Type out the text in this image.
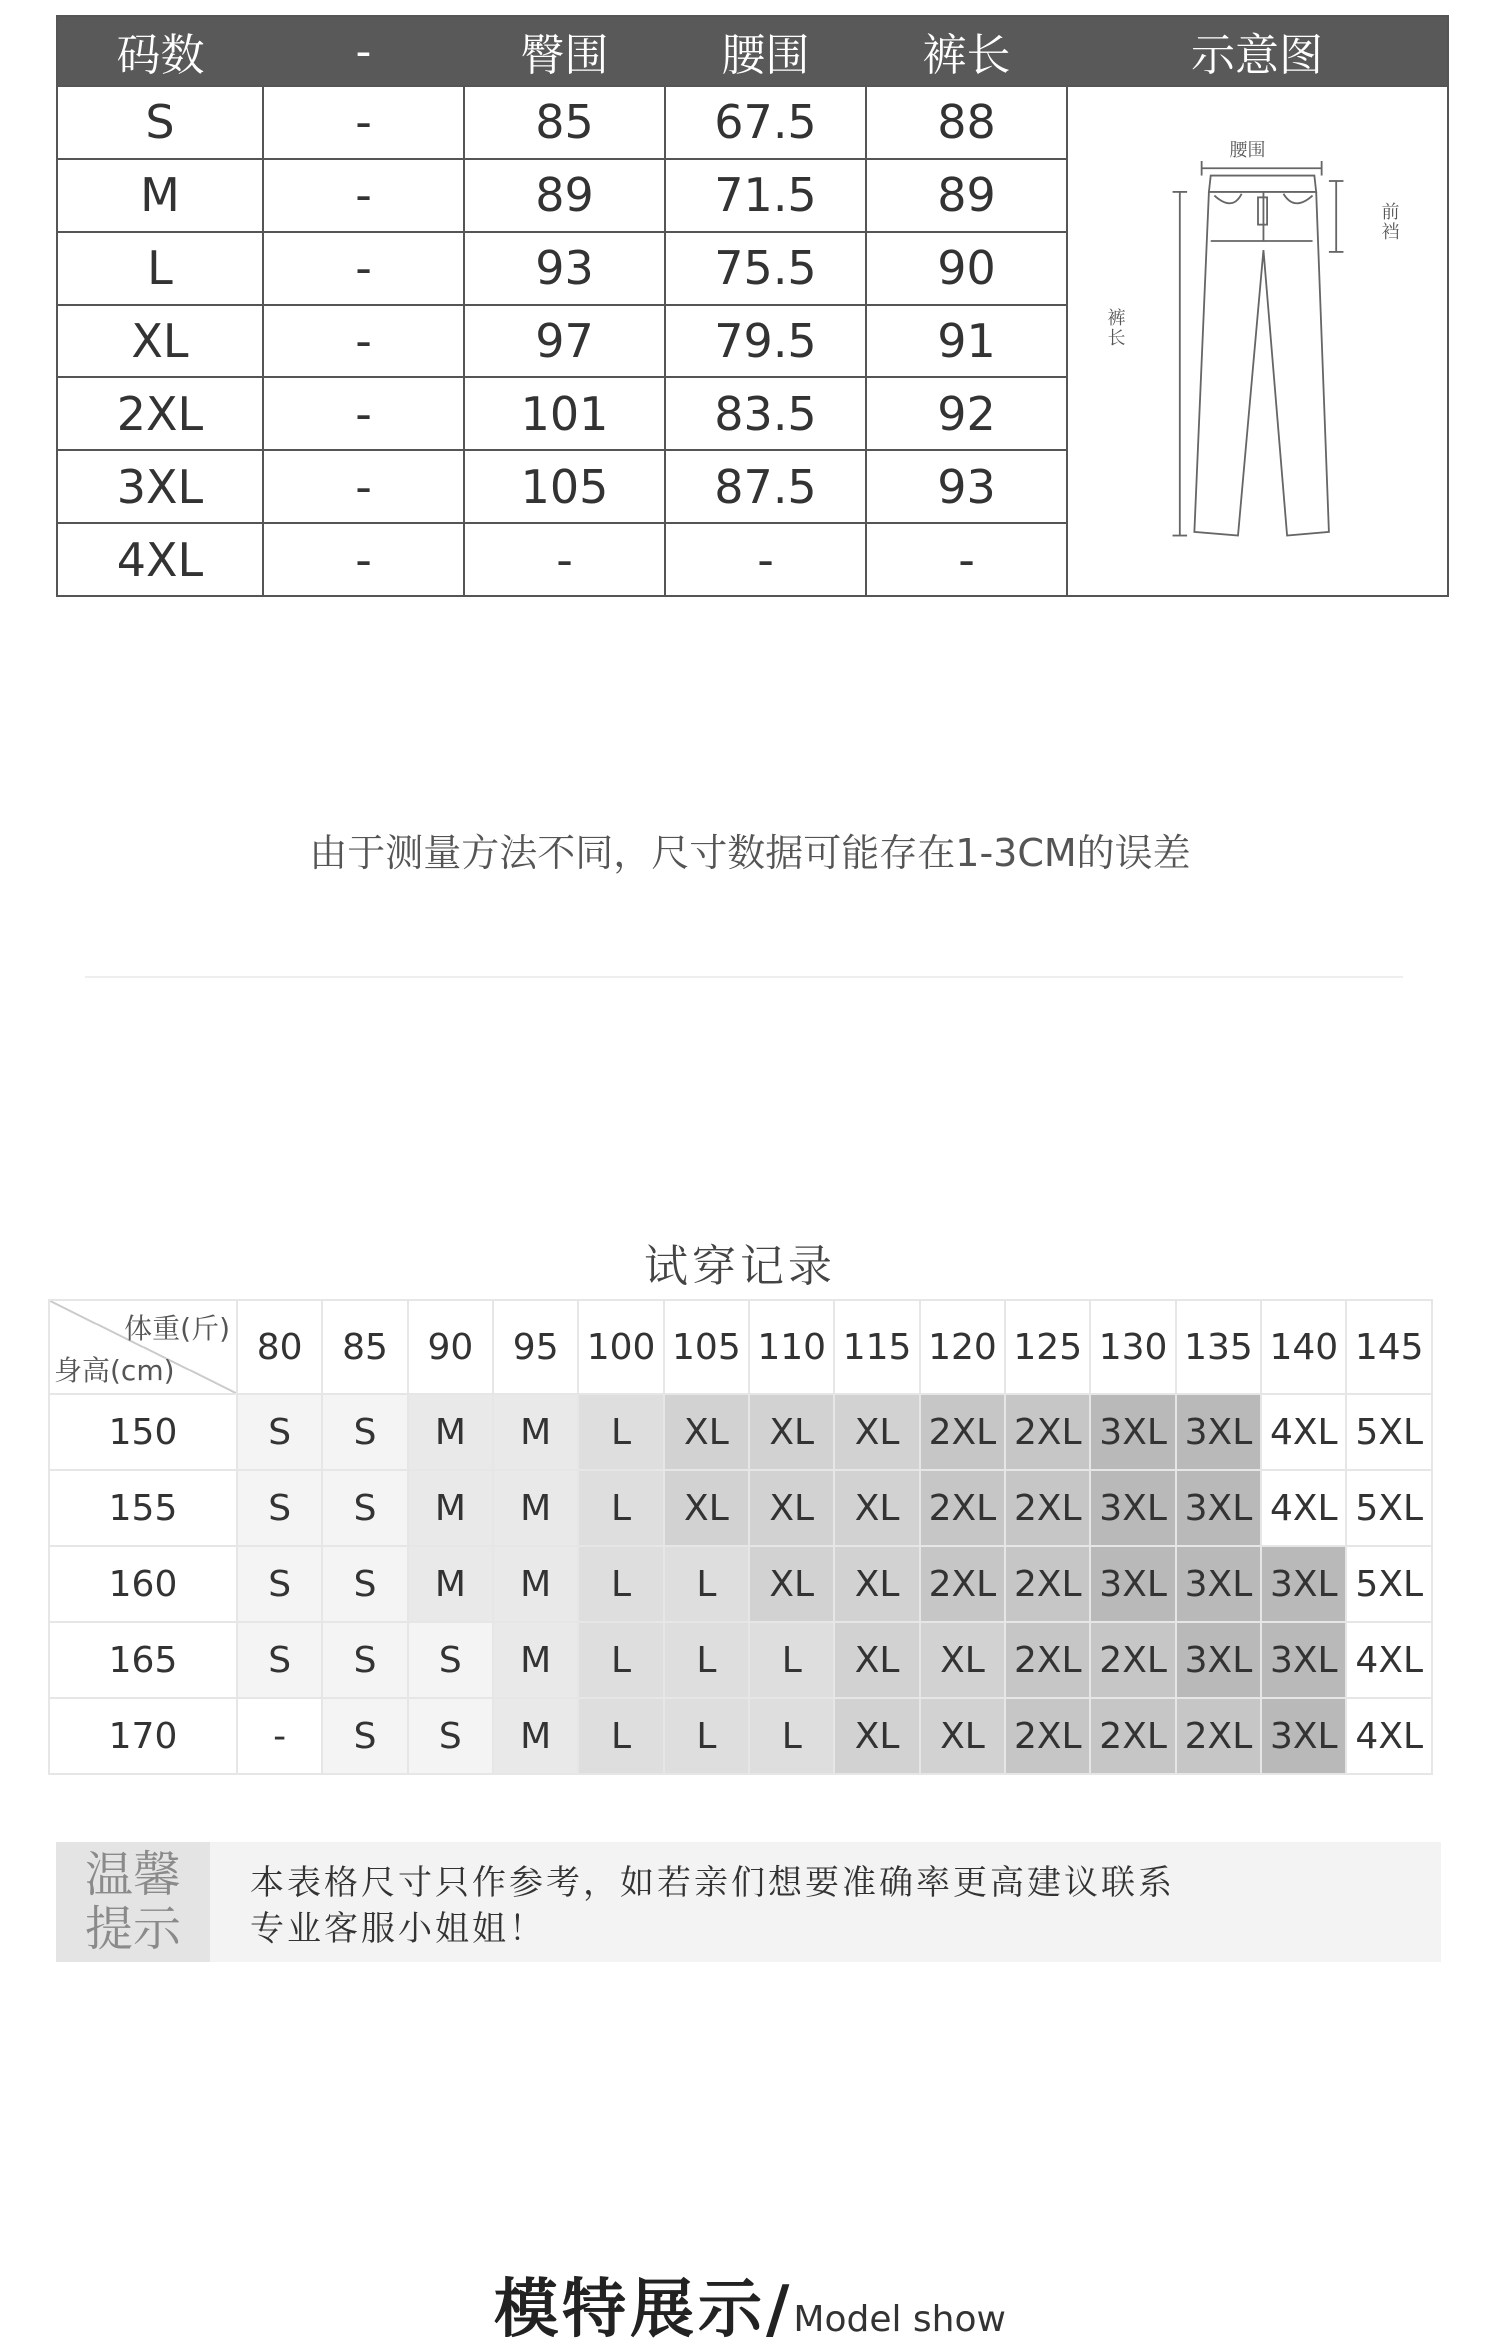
码数	-	臀围	腰围	裤长	示意图
S	-	85	67.5	88	腰围
前
裆
裤
长

M	-	89	71.5	89	
L	-	93	75.5	90	
XL	-	97	79.5	91	
2XL	-	101	83.5	92	
3XL	-	105	87.5	93	
4XL	-	-	-	-	
由于测量方法不同，尺寸数据可能存在1-3CM的误差
试穿记录
体重(斤)
身高(cm)	80	85	90	95	100	105	110	115	120	125	130	135	140	145
150	S	S	M	M	L	XL	XL	XL	2XL	2XL	3XL	3XL	4XL	5XL
155	S	S	M	M	L	XL	XL	XL	2XL	2XL	3XL	3XL	4XL	5XL
160	S	S	M	M	L	L	XL	XL	2XL	2XL	3XL	3XL	3XL	5XL
165	S	S	S	M	L	L	L	XL	XL	2XL	2XL	3XL	3XL	4XL
170	-	S	S	M	L	L	L	XL	XL	2XL	2XL	2XL	3XL	4XL
温馨
提示
本表格尺寸只作参考，如若亲们想要准确率更高建议联系
专业客服小姐姐！
模特展示/Model show
